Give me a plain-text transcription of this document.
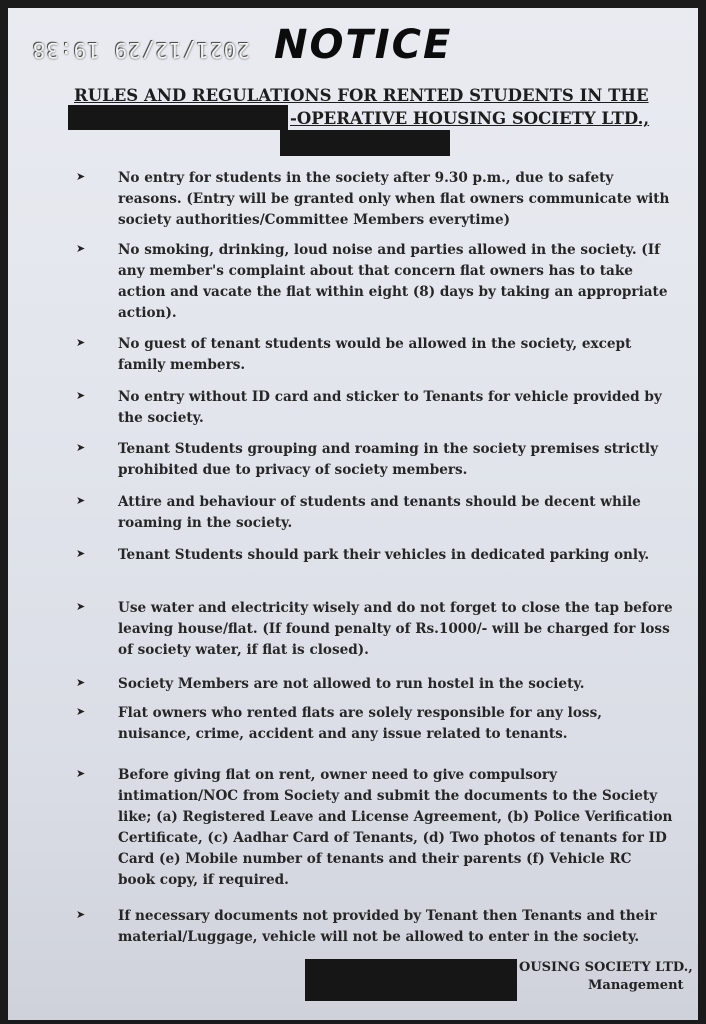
2021/12/29 19:38 NOTICE
RULES AND REGULATIONS FOR RENTED STUDENTS IN THE
-OPERATIVE HOUSING SOCIETY LTD.,
➤ No entry for students in the society after 9.30 p.m., due to safety reasons. (Entry will be granted only when flat owners communicate with society authorities/Committee Members everytime)
➤ No smoking, drinking, loud noise and parties allowed in the society. (If any member's complaint about that concern flat owners has to take action and vacate the flat within eight (8) days by taking an appropriate action).
➤ No guest of tenant students would be allowed in the society, except family members.
➤ No entry without ID card and sticker to Tenants for vehicle provided by the society.
➤ Tenant Students grouping and roaming in the society premises strictly prohibited due to privacy of society members.
➤ Attire and behaviour of students and tenants should be decent while roaming in the society.
➤ Tenant Students should park their vehicles in dedicated parking only.
➤ Use water and electricity wisely and do not forget to close the tap before leaving house/flat. (If found penalty of Rs.1000/- will be charged for loss of society water, if flat is closed).
➤ Society Members are not allowed to run hostel in the society.
➤ Flat owners who rented flats are solely responsible for any loss, nuisance, crime, accident and any issue related to tenants.
➤ Before giving flat on rent, owner need to give compulsory intimation/NOC from Society and submit the documents to the Society like; (a) Registered Leave and License Agreement, (b) Police Verification Certificate, (c) Aadhar Card of Tenants, (d) Two photos of tenants for ID Card (e) Mobile number of tenants and their parents (f) Vehicle RC book copy, if required.
➤ If necessary documents not provided by Tenant then Tenants and their material/Luggage, vehicle will not be allowed to enter in the society.
OUSING SOCIETY LTD.,
Management
